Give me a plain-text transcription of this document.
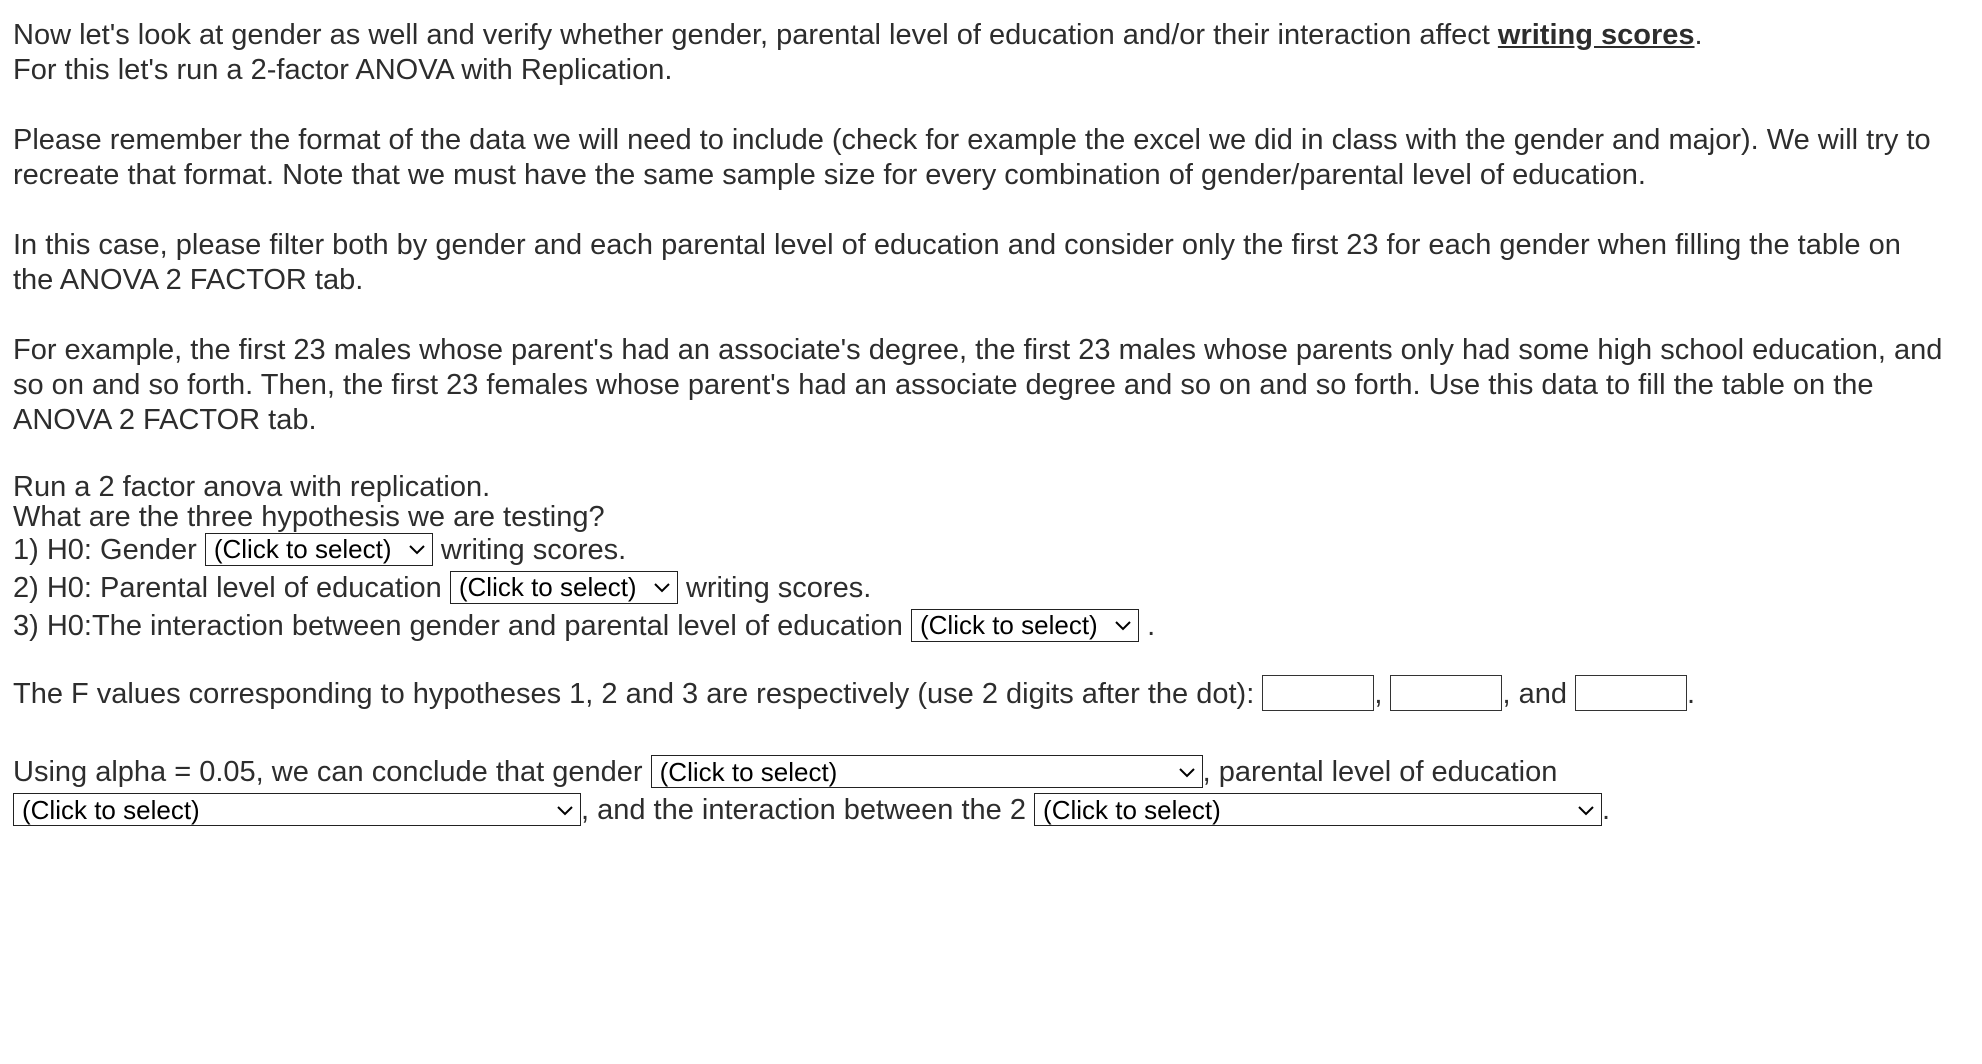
Now let's look at gender as well and verify whether gender, parental level of education and/or their interaction affect writing scores.
For this let's run a 2-factor ANOVA with Replication.

Please remember the format of the data we will need to include (check for example the excel we did in class with the gender and major). We will try to recreate that format. Note that we must have the same sample size for every combination of gender/parental level of education.

In this case, please filter both by gender and each parental level of education and consider only the first 23 for each gender when filling the table on the ANOVA 2 FACTOR tab.

For example, the first 23 males whose parent's had an associate's degree, the first 23 males whose parents only had some high school education, and so on and so forth. Then, the first 23 females whose parent's had an associate degree and so on and so forth. Use this data to fill the table on the ANOVA 2 FACTOR tab.

Run a 2 factor anova with replication.
What are the three hypothesis we are testing?
1) H0: Gender (Click to select) writing scores.
2) H0: Parental level of education (Click to select) writing scores.
3) H0:The interaction between gender and parental level of education (Click to select) .
The F values corresponding to hypotheses 1, 2 and 3 are respectively (use 2 digits after the dot):	,	, and	.
Using alpha = 0.05, we can conclude that gender (Click to select)	, parental level of education
(Click to select)	, and the interaction between the 2 (Click to select)	.
